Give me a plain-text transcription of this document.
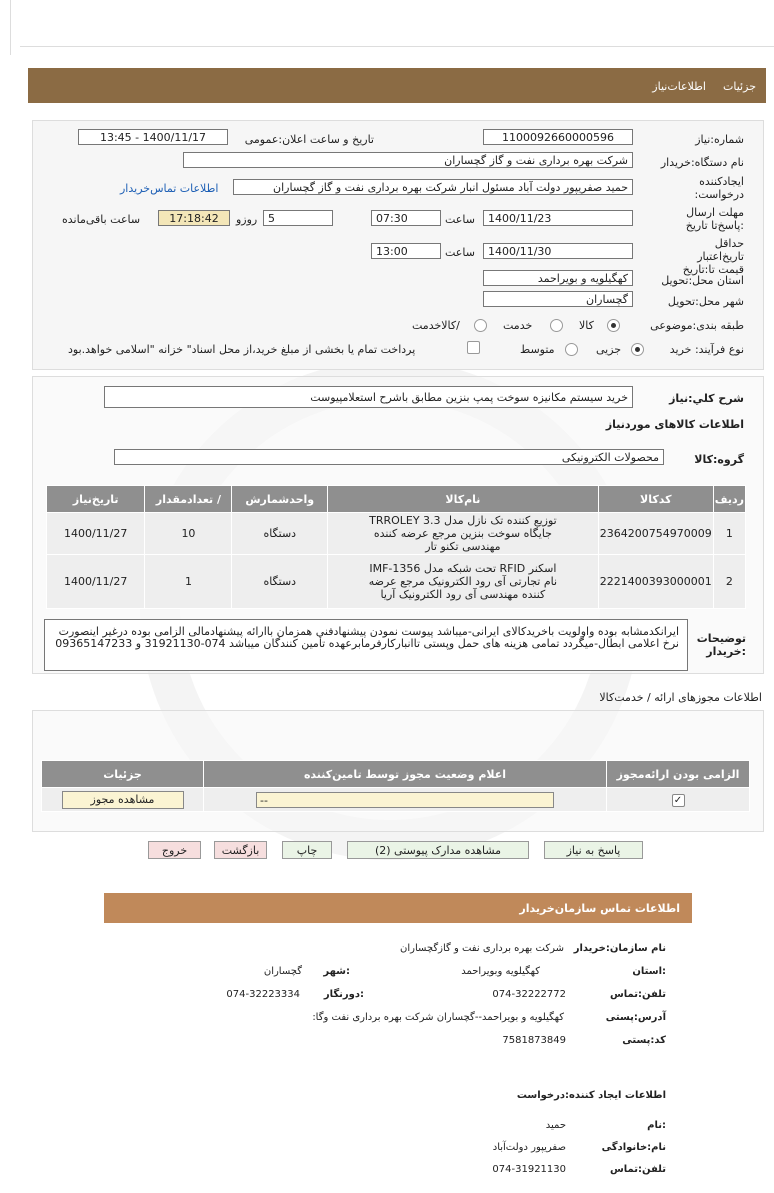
جزئیات
اطلاعات‌نیاز
شماره:نیاز
1100092660000596
تاریخ و ساعت اعلان:عمومی
1400/11/17 - 13:45
نام دستگاه:خریدار
شرکت بهره برداری نفت و گاز گچساران
ایجادکننده درخواست:
حمید صفریپور دولت آباد مسئول انبار شرکت بهره برداری نفت و گاز گچساران
اطلاعات تماس‌خریدار
مهلت ارسال :پاسخ‌تا تاریخ
1400/11/23
ساعت
07:30
5
روزو
17:18:42
ساعت باقی‌مانده
حداقل تاریخ‌اعتبار قیمت تا:تاریخ
1400/11/30
ساعت
13:00
استان محل:تحویل
کهگیلویه و بویراحمد
شهر محل:تحویل
گچساران
طبقه بندی:موضوعی
کالا
خدمت
/کالاخدمت
نوع فرآیند: خرید
جزیی
متوسط
پرداخت تمام یا بخشی از مبلغ خرید،از محل اسناد" خزانه "اسلامی خواهد.بود
شرح کلي:نياز
خرید سیستم مکانیزه سوخت پمپ بنزین مطابق باشرح استعلامپیوست
اطلاعات کالاهای موردنیاز
گروه:کالا
محصولات الکترونیکی
ردیف	کدکالا	نام‌کالا	واحدشمارش	/ تعدادمقدار	تاریخ‌نیاز
1	2364200754970009	توزیع کننده تک نازل مدل TRROLEY 3.3 جایگاه سوخت بنزین مرجع عرضه کننده مهندسی تکنو تار	دستگاه	10	1400/11/27
2	2221400393000001	اسکنر RFID تحت شبکه مدل IMF-1356 نام تجارتی آی رود الکترونیک مرجع عرضه کننده مهندسی آی رود الکترونیک آریا	دستگاه	1	1400/11/27
توضیحات :خریدار
ایرانکدمشابه بوده واولویت باخریدکالای ایرانی-میباشد پیوست نمودن پیشنهادفنی همزمان باارائه پیشنهادمالی الزامی بوده درغیر اینصورت نرخ اعلامی ابطال-میگردد تمامی هزینه های حمل وپستی تاانبارکارفرمابرعهده تأمین کنندگان میباشد 074-31921130 و 09365147233
اطلاعات مجوزهای ارائه / خدمت‌کالا
الزامی بودن ارائه‌مجوز	اعلام وضعیت مجوز توسط تامین‌کننده	جزئیات
✓	--	مشاهده مجوز
پاسخ به نیاز
مشاهده مدارک پیوستی (2)
چاپ
بازگشت
خروج
اطلاعات تماس سازمان‌خریدار
نام سازمان:خریدار
شرکت بهره برداری نفت و گازگچساران
:استان
کهگیلویه وبویراحمد
:شهر
گچساران
تلفن:تماس
074-32222772
:دورنگار
074-32223334
آدرس:پستی
کهگیلویه و بویراحمد--گچساران شرکت بهره برداری نفت وگا:
کد:پستی
7581873849
اطلاعات ایجاد کننده:درخواست
:نام
حمید
نام:خانوادگی
صفریپور دولت‌آباد
تلفن:تماس
074-31921130
